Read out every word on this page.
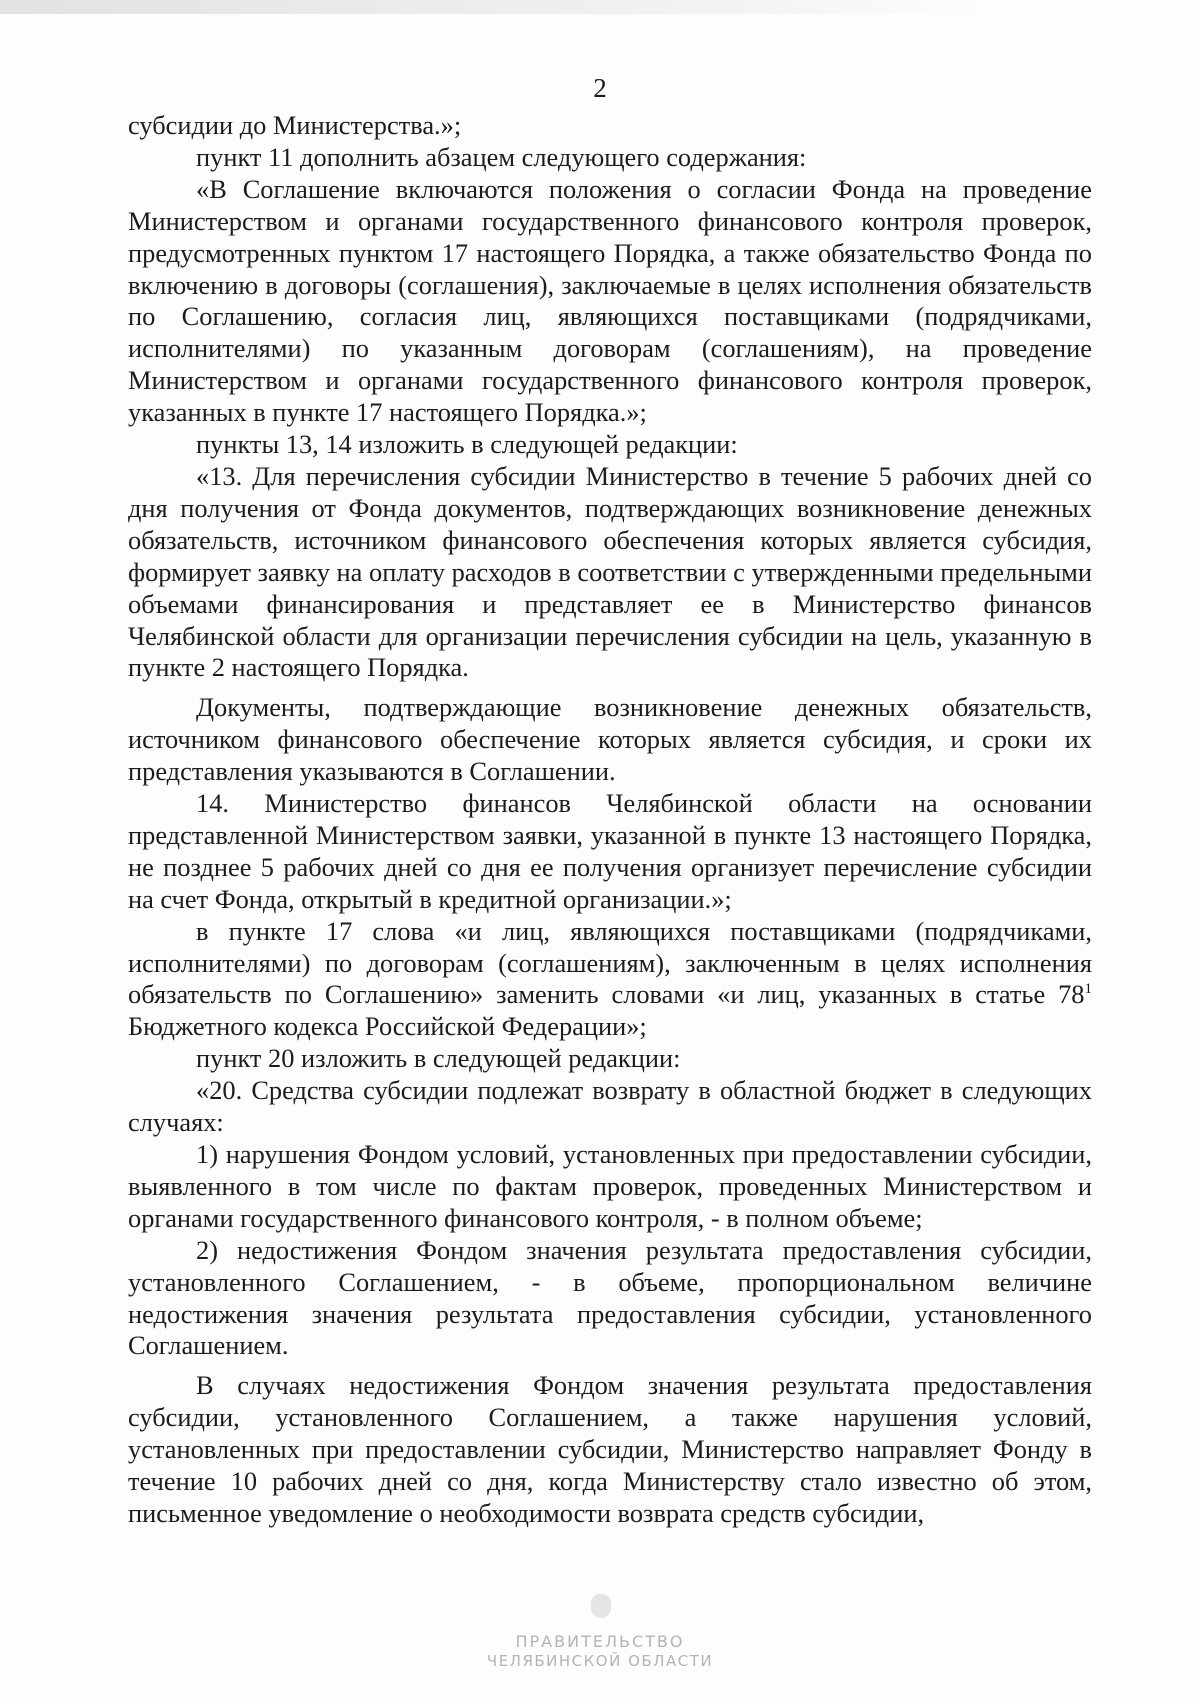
2

субсидии до Министерства.»;

пункт 11 дополнить абзацем следующего содержания:

«В Соглашение включаются положения о согласии Фонда на проведение Министерством и органами государственного финансового контроля проверок, предусмотренных пунктом 17 настоящего Порядка, а также обязательство Фонда по включению в договоры (соглашения), заключаемые в целях исполнения обязательств по Соглашению, согласия лиц, являющихся поставщиками (подрядчиками, исполнителями) по указанным договорам (соглашениям), на проведение Министерством и органами государственного финансового контроля проверок, указанных в пункте 17 настоящего Порядка.»;

пункты 13, 14 изложить в следующей редакции:

«13. Для перечисления субсидии Министерство в течение 5 рабочих дней со дня получения от Фонда документов, подтверждающих возникновение денежных обязательств, источником финансового обеспечения которых является субсидия, формирует заявку на оплату расходов в соответствии с утвержденными предельными объемами финансирования и представляет ее в Министерство финансов Челябинской области для организации перечисления субсидии на цель, указанную в пункте 2 настоящего Порядка.

Документы, подтверждающие возникновение денежных обязательств, источником финансового обеспечение которых является субсидия, и сроки их представления указываются в Соглашении.

14. Министерство финансов Челябинской области на основании представленной Министерством заявки, указанной в пункте 13 настоящего Порядка, не позднее 5 рабочих дней со дня ее получения организует перечисление субсидии на счет Фонда, открытый в кредитной организации.»;

в пункте 17 слова «и лиц, являющихся поставщиками (подрядчиками, исполнителями) по договорам (соглашениям), заключенным в целях исполнения обязательств по Соглашению» заменить словами «и лиц, указанных в статье $78^1$ Бюджетного кодекса Российской Федерации»;

пункт 20 изложить в следующей редакции:

«20. Средства субсидии подлежат возврату в областной бюджет в следующих случаях:

1) нарушения Фондом условий, установленных при предоставлении субсидии, выявленного в том числе по фактам проверок, проведенных Министерством и органами государственного финансового контроля, - в полном объеме;

2) недостижения Фондом значения результата предоставления субсидии, установленного Соглашением, - в объеме, пропорциональном величине недостижения значения результата предоставления субсидии, установленного Соглашением.

В случаях недостижения Фондом значения результата предоставления субсидии, установленного Соглашением, а также нарушения условий, установленных при предоставлении субсидии, Министерство направляет Фонду в течение 10 рабочих дней со дня, когда Министерству стало известно об этом, письменное уведомление о необходимости возврата средств субсидии,

ПРАВИТЕЛЬСТВО
ЧЕЛЯБИНСКОЙ ОБЛАСТИ
